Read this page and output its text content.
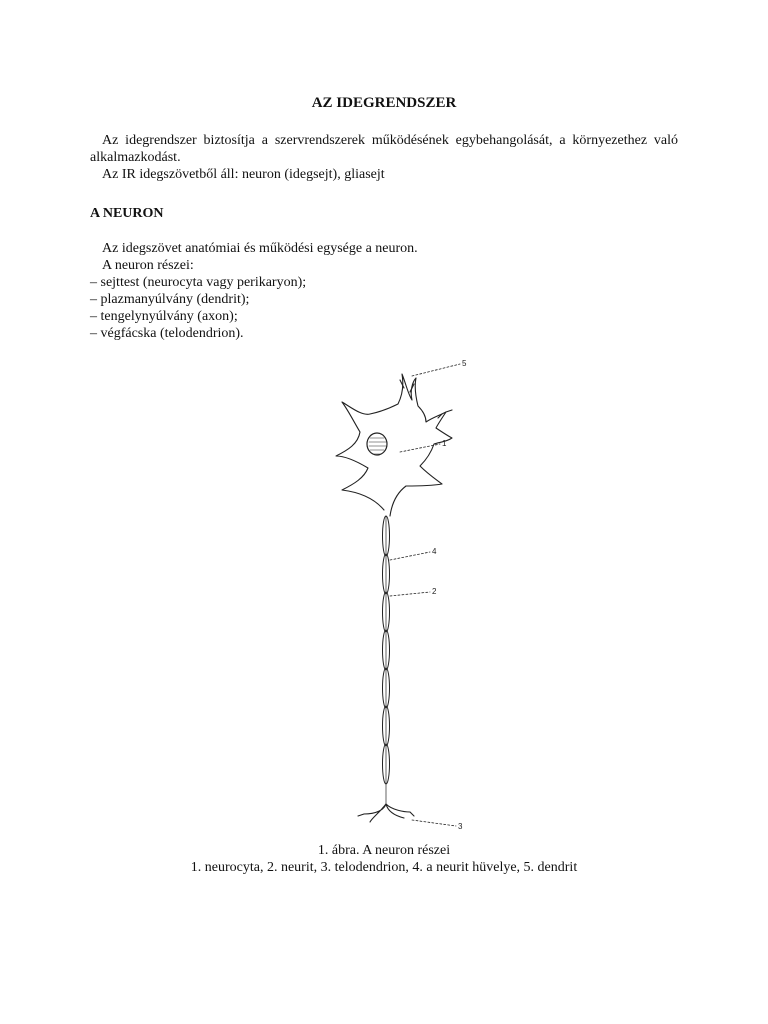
AZ IDEGRENDSZER

Az idegrendszer biztosítja a szervrendszerek működésének egybehangolását, a környezethez való alkalmazkodást.

Az IR idegszövetből áll: neuron (idegsejt), gliasejt

A NEURON

Az idegszövet anatómiai és működési egysége a neuron.

A neuron részei:

– sejttest (neurocyta vagy perikaryon);
– plazmanyúlvány (dendrit);
– tengelynyúlvány (axon);
– végfácska (telodendrion).
5
1
4
2
3
1. ábra. A neuron részei
1. neurocyta, 2. neurit, 3. telodendrion, 4. a neurit hüvelye, 5. dendrit
